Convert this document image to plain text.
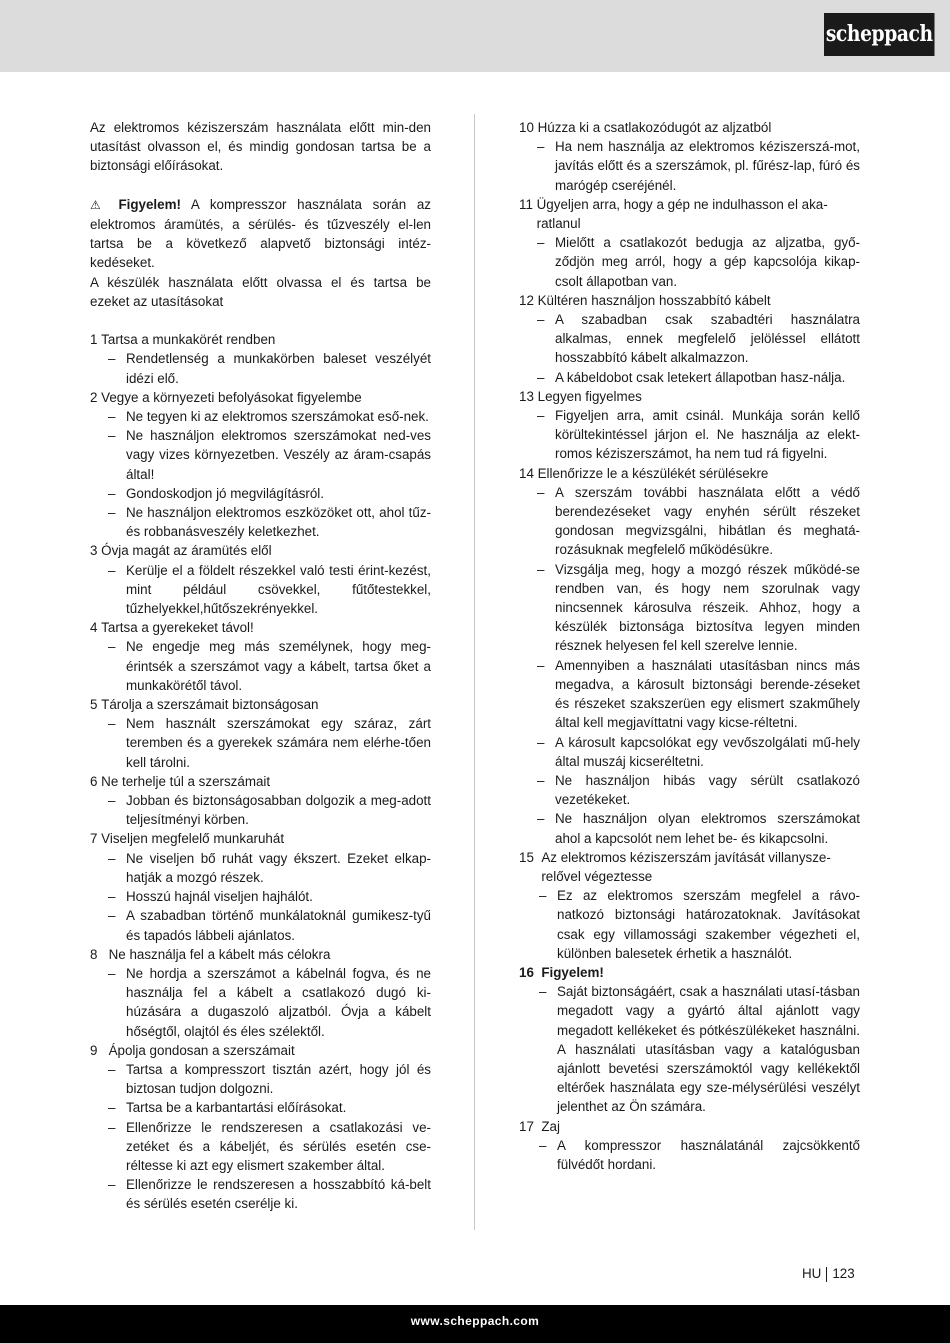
scheppach

Az elektromos kéziszerszám használata előtt min-den utasítást olvasson el, és mindig gondosan tartsa be a biztonsági előírásokat.

⚠ Figyelem! A kompresszor használata során az elektromos áramütés, a sérülés- és tűzveszély el-len tartsa be a következő alapvető biztonsági intéz-kedéseket.

A készülék használata előtt olvassa el és tartsa be ezeket az utasításokat

1 Tartsa a munkakörét rendben
– Rendetlenség a munkakörben baleset veszélyét idézi elő.
2 Vegye a környezeti befolyásokat figyelembe
– Ne tegyen ki az elektromos szerszámokat eső-nek.
– Ne használjon elektromos szerszámokat ned-ves vagy vizes környezetben. Veszély az áram-csapás által!
– Gondoskodjon jó megvilágításról.
– Ne használjon elektromos eszközöket ott, ahol tűz- és robbanásveszély keletkezhet.
3 Óvja magát az áramütés elől
– Kerülje el a földelt részekkel való testi érint-kezést, mint például csövekkel, fűtőtestekkel, tűzhelyekkel,hűtőszekrényekkel.
4 Tartsa a gyerekeket távol!
– Ne engedje meg más személynek, hogy meg-érintsék a szerszámot vagy a kábelt, tartsa őket a munkakörétől távol.
5 Tárolja a szerszámait biztonságosan
– Nem használt szerszámokat egy száraz, zárt teremben és a gyerekek számára nem elérhe-tően kell tárolni.
6 Ne terhelje túl a szerszámait
– Jobban és biztonságosabban dolgozik a meg-adott teljesítményi körben.
7 Viseljen megfelelő munkaruhát
– Ne viseljen bő ruhát vagy ékszert. Ezeket elkap-hatják a mozgó részek.
– Hosszú hajnál viseljen hajhálót.
– A szabadban történő munkálatoknál gumikesz-tyű és tapadós lábbeli ajánlatos.
8 Ne használja fel a kábelt más célokra
– Ne hordja a szerszámot a kábelnál fogva, és ne használja fel a kábelt a csatlakozó dugó ki-húzására a dugaszoló aljzatból. Óvja a kábelt hőségtől, olajtól és éles szélektől.
9 Ápolja gondosan a szerszámait
– Tartsa a kompresszort tisztán azért, hogy jól és biztosan tudjon dolgozni.
– Tartsa be a karbantartási előírásokat.
– Ellenőrizze le rendszeresen a csatlakozási ve-zetéket és a kábeljét, és sérülés esetén cse-réltesse ki azt egy elismert szakember által.
– Ellenőrizze le rendszeresen a hosszabbító ká-belt és sérülés esetén cserélje ki.
10 Húzza ki a csatlakozódugót az aljzatból
– Ha nem használja az elektromos kéziszerszá-mot, javítás előtt és a szerszámok, pl. fűrész-lap, fúró és marógép cseréjénél.
11 Ügyeljen arra, hogy a gép ne indulhasson el aka-ratlanul
– Mielőtt a csatlakozót bedugja az aljzatba, győ-ződjön meg arról, hogy a gép kapcsolója kikap-csolt állapotban van.
12 Kültéren használjon hosszabbító kábelt
– A szabadban csak szabadtéri használatra alkalmas, ennek megfelelő jelöléssel ellátott hosszabbító kábelt alkalmazzon.
– A kábeldobot csak letekert állapotban hasz-nálja.
13 Legyen figyelmes
– Figyeljen arra, amit csinál. Munkája során kellő körültekintéssel járjon el. Ne használja az elekt-romos kéziszerszámot, ha nem tud rá figyelni.
14 Ellenőrizze le a készülékét sérülésekre
– A szerszám további használata előtt a védő berendezéseket vagy enyhén sérült részeket gondosan megvizsgálni, hibátlan és meghatá-rozásuknak megfelelő működésükre.
– Vizsgálja meg, hogy a mozgó részek működé-se rendben van, és hogy nem szorulnak vagy nincsennek károsulva részeik. Ahhoz, hogy a készülék biztonsága biztosítva legyen minden résznek helyesen fel kell szerelve lennie.
– Amennyiben a használati utasításban nincs más megadva, a károsult biztonsági berende-zéseket és részeket szakszerüen egy elismert szakműhely által kell megjavíttatni vagy kicse-réltetni.
– A károsult kapcsolókat egy vevőszolgálati mű-hely által muszáj kicseréltetni.
– Ne használjon hibás vagy sérült csatlakozó vezetékeket.
– Ne használjon olyan elektromos szerszámokat ahol a kapcsolót nem lehet be- és kikapcsolni.
15 Az elektromos kéziszerszám javítását villanysze-relővel végeztesse
– Ez az elektromos szerszám megfelel a rávo-natkozó biztonsági határozatoknak. Javításokat csak egy villamossági szakember végezheti el, különben balesetek érhetik a használót.
16 Figyelem!
– Saját biztonságáért, csak a használati utasí-tásban megadott vagy a gyártó által ajánlott vagy megadott kellékeket és pótkészülékeket használni. A használati utasításban vagy a katalógusban ajánlott bevetési szerszámoktól vagy kellékektől eltérőek használata egy sze-mélysérülési veszélyt jelenthet az Ön számára.
17 Zaj
– A kompresszor használatánál zajcsökkentő fülvédőt hordani.
HU 123
www.scheppach.com
